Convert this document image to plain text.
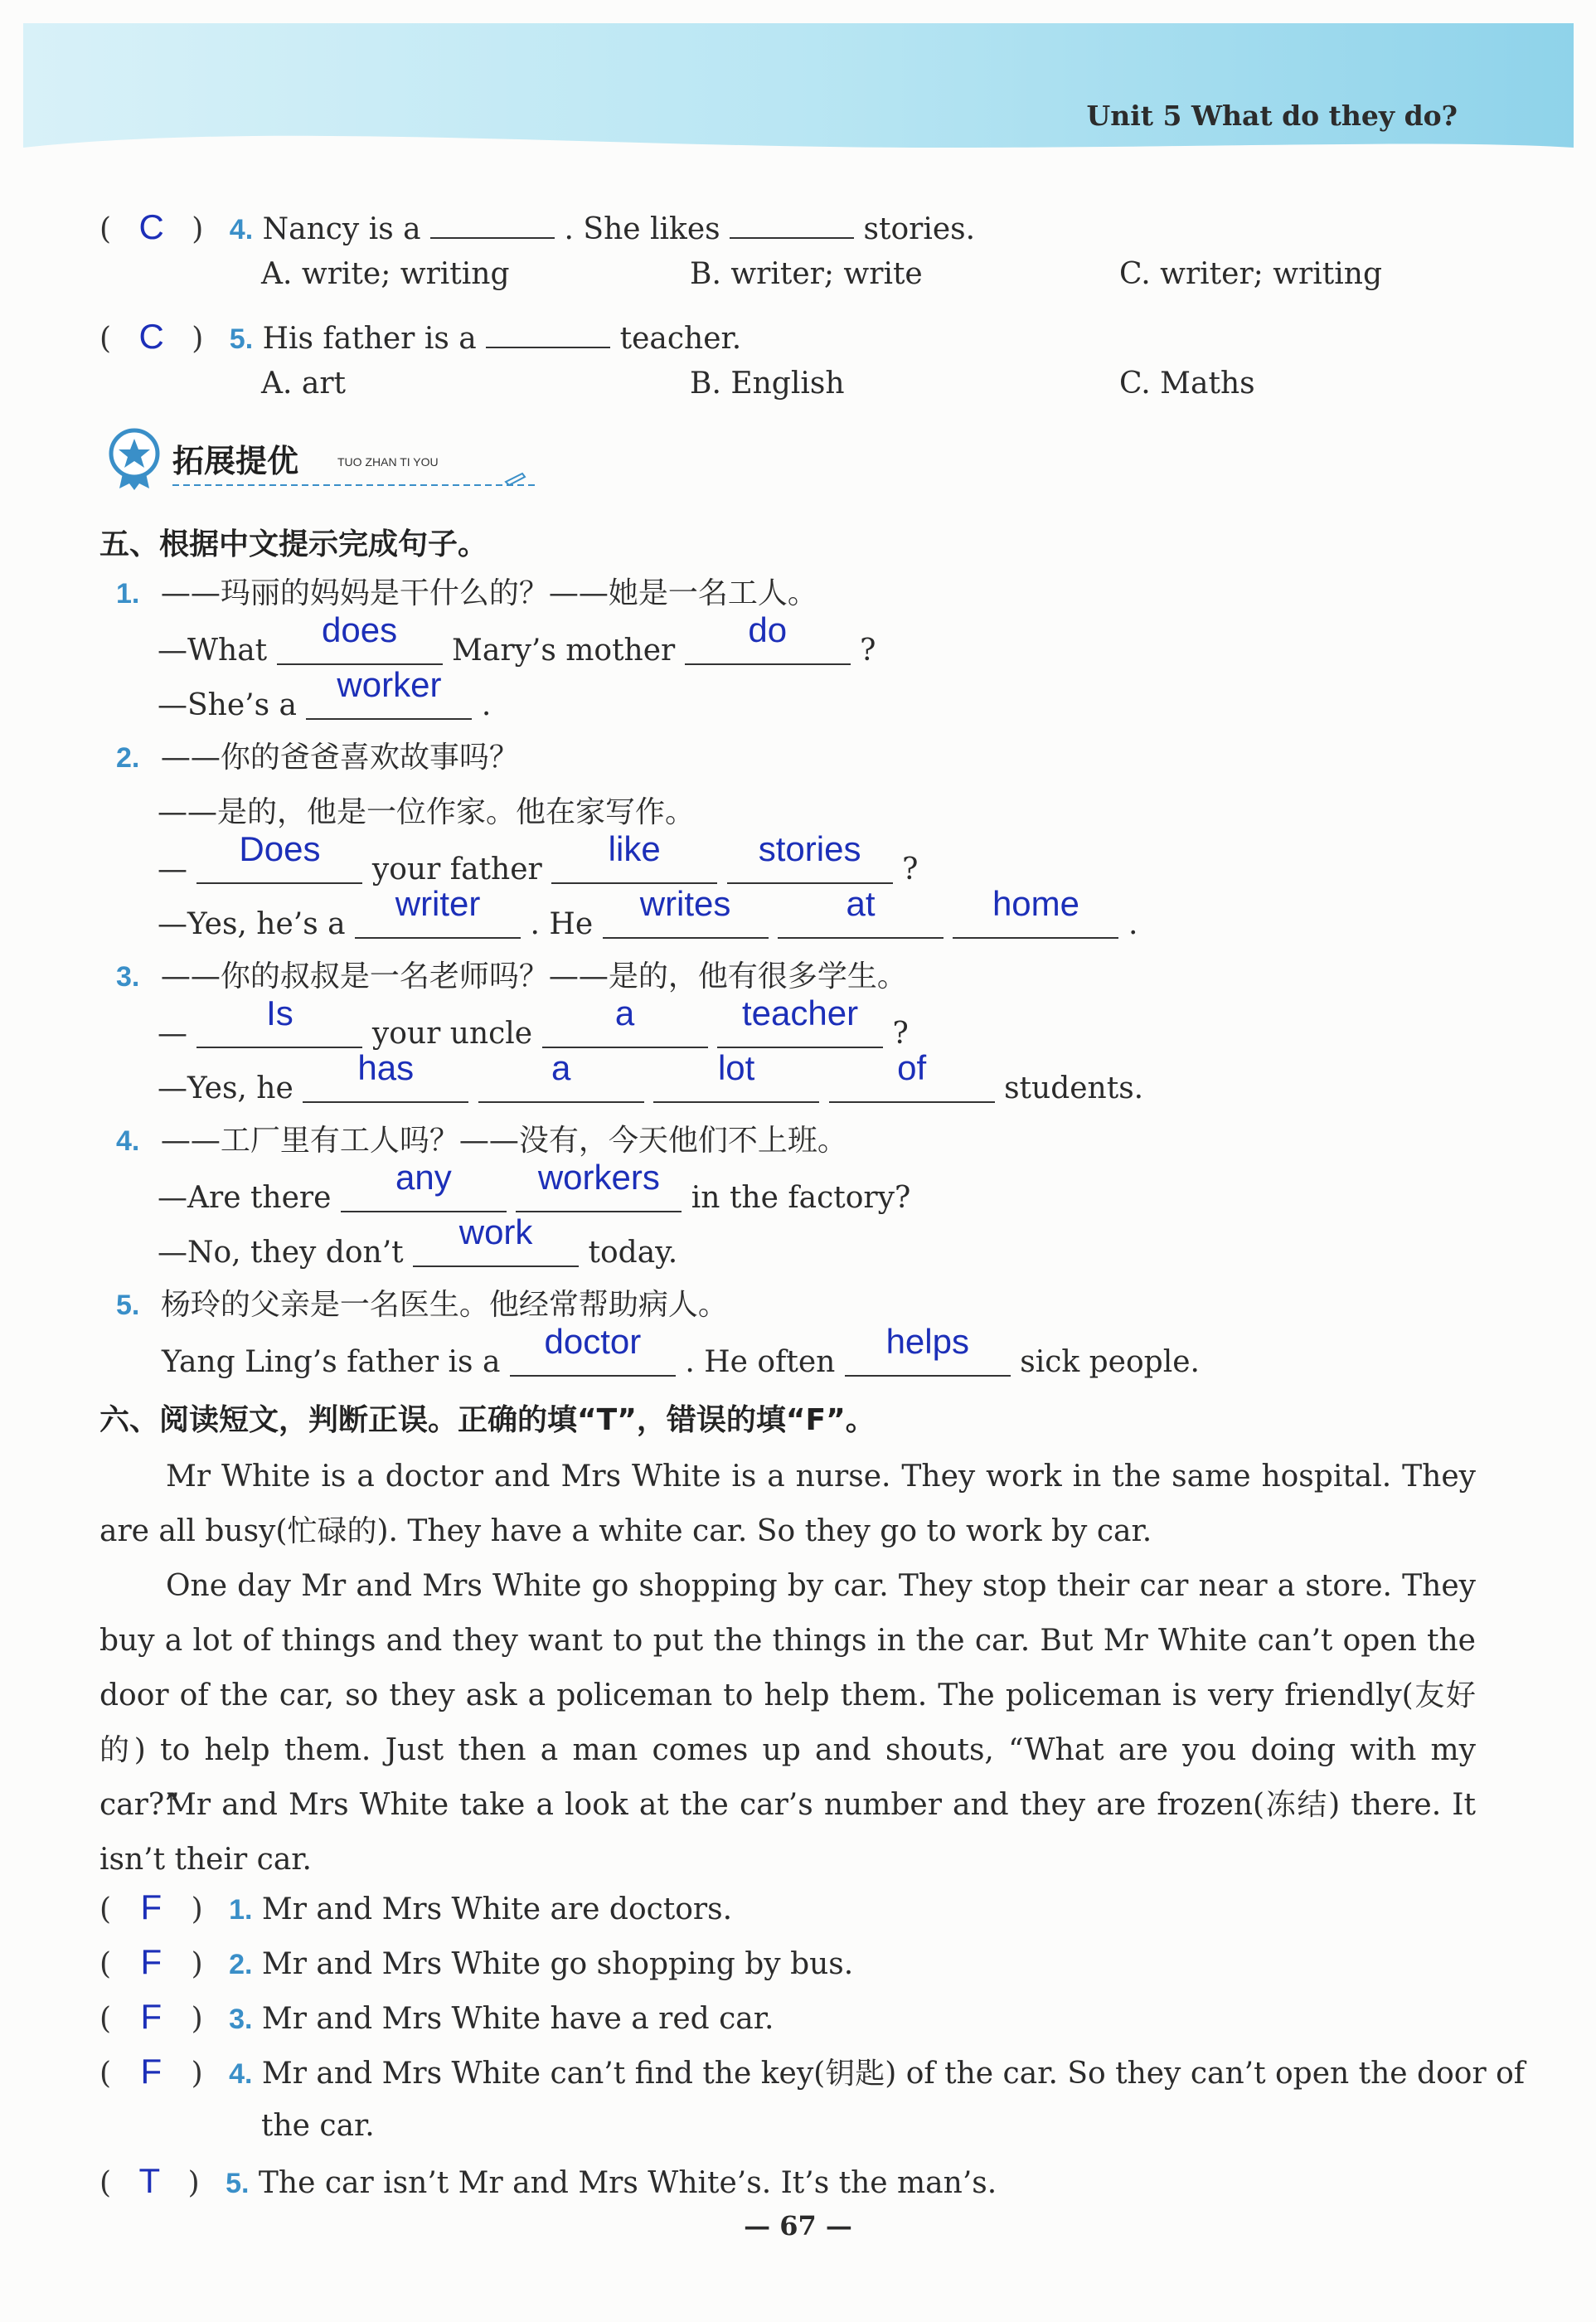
Unit 5 What do they do?
( C ) 4. Nancy is a	. She likes	stories.
A. write; writing	B. writer; write	C. writer; writing
( C ) 5. His father is a	teacher.
A. art	B. English	C. Maths
拓展提优	TUO ZHAN TI YOU
五、根据中文提示完成句子。
1. ——玛丽的妈妈是干什么的？——她是一名工人。
—What does Mary’s mother do ?
—She’s a worker .
2. ——你的爸爸喜欢故事吗？
——是的，他是一位作家。他在家写作。
— Does your father like	stories ?
—Yes, he’s a writer . He writes	at	home .
3. ——你的叔叔是一名老师吗？——是的，他有很多学生。
— Is your uncle a	teacher ?
—Yes, he has	a	lot	of students.
4. ——工厂里有工人吗？——没有，今天他们不上班。
—Are there any workers in the factory?
—No, they don’t work today.
5. 杨玲的父亲是一名医生。他经常帮助病人。
Yang Ling’s father is a doctor . He often helps sick people.
六、阅读短文，判断正误。正确的填“T”，错误的填“F”。
Mr White is a doctor and Mrs White is a nurse. They work in the same hospital. They are all busy(忙碌的). They have a white car. So they go to work by car.
One day Mr and Mrs White go shopping by car. They stop their car near a store. They buy a lot of things and they want to put the things in the car. But Mr White can’t open the door of the car, so they ask a policeman to help them. The policeman is very friendly(友好的) to help them. Just then a man comes up and shouts, “What are you doing with my car?”
Mr and Mrs White take a look at the car’s number and they are frozen(冻结) there. It isn’t their car.
( F ) 1. Mr and Mrs White are doctors.
( F ) 2. Mr and Mrs White go shopping by bus.
( F ) 3. Mr and Mrs White have a red car.
( F ) 4. Mr and Mrs White can’t find the key(钥匙) of the car. So they can’t open the door of
the car.
( T ) 5. The car isn’t Mr and Mrs White’s. It’s the man’s.
— 67 —
